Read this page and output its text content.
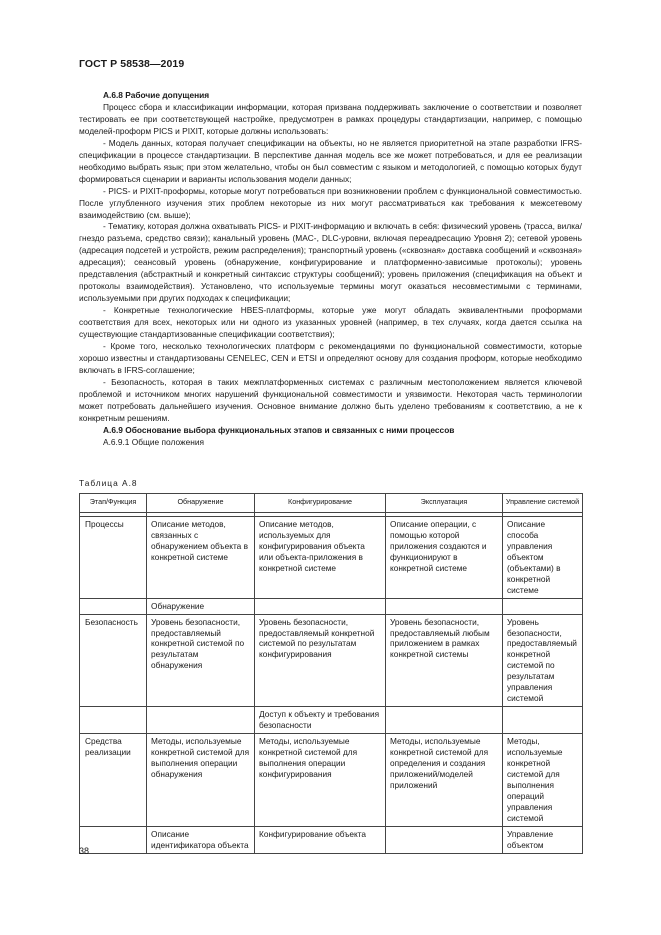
ГОСТ Р 58538—2019

А.6.8 Рабочие допущения

Процесс сбора и классификации информации, которая призвана поддерживать заключение о соответствии и позволяет тестировать ее при соответствующей настройке, предусмотрен в рамках процедуры стандартизации, например, с помощью моделей-проформ PICS и PIXIT, которые должны использовать:

- Модель данных, которая получает спецификации на объекты, но не является приоритетной на этапе разработки IFRS-спецификации в процессе стандартизации. В перспективе данная модель все же может потребоваться, и для ее реализации необходимо выбрать язык; при этом желательно, чтобы он был совместим с языком и методологией, с помощью которых будут формироваться сценарии и варианты использования модели данных;

- PICS- и PIXIT-проформы, которые могут потребоваться при возникновении проблем с функциональной совместимостью. После углубленного изучения этих проблем некоторые из них могут рассматриваться как требования к межсетевому взаимодействию (см. выше);

- Тематику, которая должна охватывать PICS- и PIXIT-информацию и включать в себя: физический уровень (трасса, вилка/гнездо разъема, средство связи); канальный уровень (MAC-, DLC-уровни, включая переадресацию Уровня 2); сетевой уровень (адресация подсетей и устройств, режим распределения); транспортный уровень («сквозная» доставка сообщений и «сквозная» адресация); сеансовый уровень (обнаружение, конфигурирование и платформенно-зависимые протоколы); уровень представления (абстрактный и конкретный синтаксис структуры сообщений); уровень приложения (спецификация на объект и протоколы взаимодействия). Установлено, что используемые термины могут оказаться несовместимыми с терминами, используемыми при других подходах к спецификации;

- Конкретные технологические HBES-платформы, которые уже могут обладать эквивалентными проформами соответствия для всех, некоторых или ни одного из указанных уровней (например, в тех случаях, когда дается ссылка на существующие стандартизованные спецификации соответствия);

- Кроме того, несколько технологических платформ с рекомендациями по функциональной совместимости, которые хорошо известны и стандартизованы CENELEC, CEN и ETSI и определяют основу для создания проформ, которые необходимо включать в IFRS-соглашение;

- Безопасность, которая в таких межплатформенных системах с различным местоположением является ключевой проблемой и источником многих нарушений функциональной совместимости и уязвимости. Некоторая часть терминологии может потребовать дальнейшего изучения. Основное внимание должно быть уделено требованиям к соответствию, а не к конкретным решениям.

А.6.9 Обоснование выбора функциональных этапов и связанных с ними процессов

А.6.9.1 Общие положения

Таблица А.8
Этап/Функция	Обнаружение	Конфигурирование	Эксплуатация	Управление системой

Процессы	Описание методов, связанных с обнаружением объекта в конкретной системе	Описание методов, используемых для конфигурирования объекта или объекта-приложения в конкретной системе	Описание операции, с помощью которой приложения создаются и функционируют в конкретной системе	Описание способа управления объектом (объектами) в конкретной системе
	Обнаружение			
Безопасность	Уровень безопасности, предоставляемый конкретной системой по результатам обнаружения	Уровень безопасности, предоставляемый конкретной системой по результатам конфигурирования	Уровень безопасности, предоставляемый любым приложением в рамках конкретной системы	Уровень безопасности, предоставляемый конкретной системой по результатам управления системой
		Доступ к объекту и требования безопасности		
Средства реализации	Методы, используемые конкретной системой для выполнения операции обнаружения	Методы, используемые конкретной системой для выполнения операции конфигурирования	Методы, используемые конкретной системой для определения и создания приложений/моделей приложений	Методы, используемые конкретной системой для выполнения операций управления системой
	Описание идентификатора объекта	Конфигурирование объекта		Управление объектом
38
